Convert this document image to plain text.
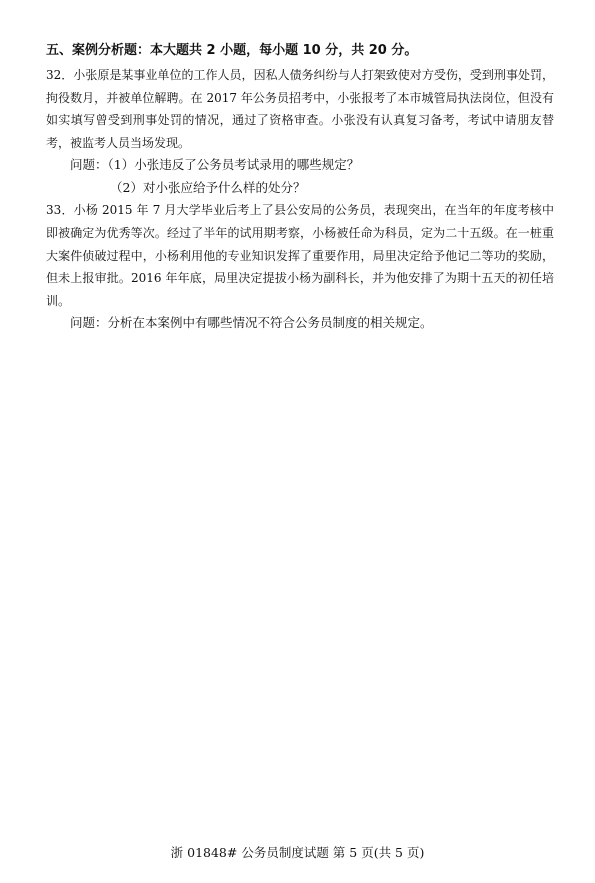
五、案例分析题：本大题共 2 小题，每小题 10 分，共 20 分。

32．小张原是某事业单位的工作人员，因私人债务纠纷与人打架致使对方受伤，受到刑事处罚，拘役数月，并被单位解聘。在 2017 年公务员招考中，小张报考了本市城管局执法岗位，但没有如实填写曾受到刑事处罚的情况，通过了资格审查。小张没有认真复习备考，考试中请朋友替考，被监考人员当场发现。

问题：（1）小张违反了公务员考试录用的哪些规定？

（2）对小张应给予什么样的处分？

33．小杨 2015 年 7 月大学毕业后考上了县公安局的公务员，表现突出，在当年的年度考核中即被确定为优秀等次。经过了半年的试用期考察，小杨被任命为科员，定为二十五级。在一桩重大案件侦破过程中，小杨利用他的专业知识发挥了重要作用，局里决定给予他记二等功的奖励，但未上报审批。2016 年年底，局里决定提拔小杨为副科长，并为他安排了为期十五天的初任培训。

问题：分析在本案例中有哪些情况不符合公务员制度的相关规定。

浙 01848# 公务员制度试题 第 5 页(共 5 页)
